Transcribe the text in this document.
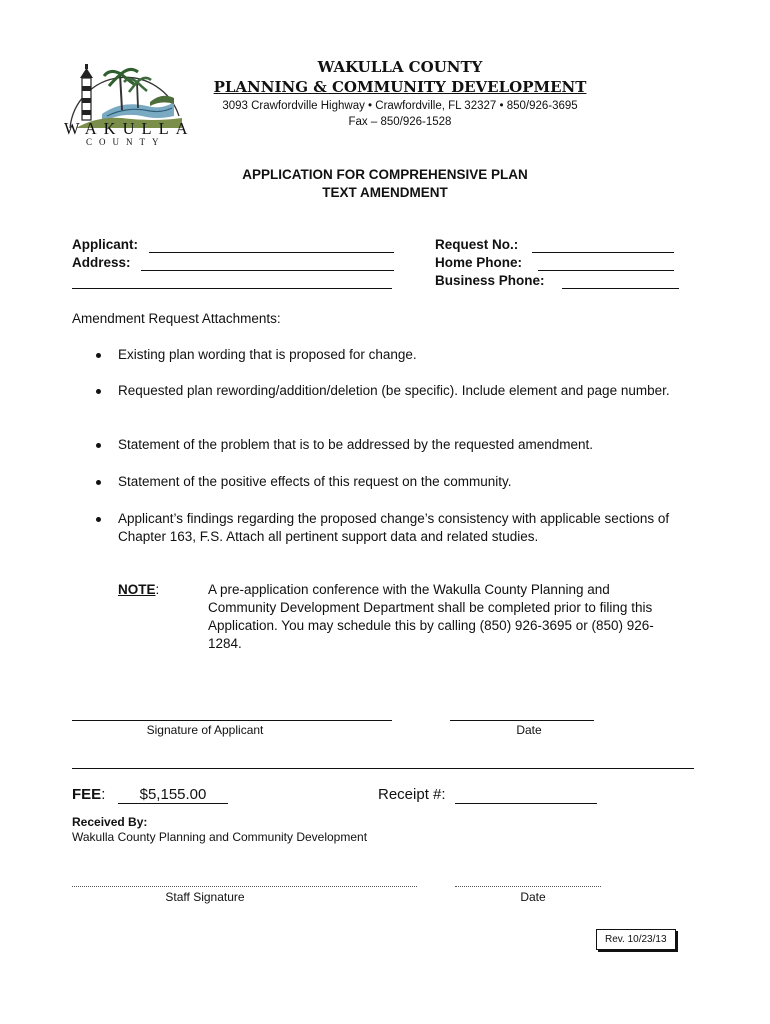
WAKULLA
COUNTY
WAKULLA COUNTY
PLANNING & COMMUNITY DEVELOPMENT
3093 Crawfordville Highway • Crawfordville, FL 32327 • 850/926-3695
Fax – 850/926-1528
APPLICATION FOR COMPREHENSIVE PLAN
TEXT AMENDMENT
Applicant:
Address:
Request No.:
Home Phone:
Business Phone:
Amendment Request Attachments:
Existing plan wording that is proposed for change.
Requested plan rewording/addition/deletion (be specific). Include element and page number.
Statement of the problem that is to be addressed by the requested amendment.
Statement of the positive effects of this request on the community.
Applicant’s findings regarding the proposed change’s consistency with applicable sections of Chapter 163, F.S. Attach all pertinent support data and related studies.
NOTE:	A pre-application conference with the Wakulla County Planning and Community Development Department shall be completed prior to filing this Application. You may schedule this by calling (850) 926-3695 or (850) 926-1284.
Signature of Applicant	Date
FEE:	$5,155.00	Receipt #:
Received By:
Wakulla County Planning and Community Development
Staff Signature	Date
Rev. 10/23/13
